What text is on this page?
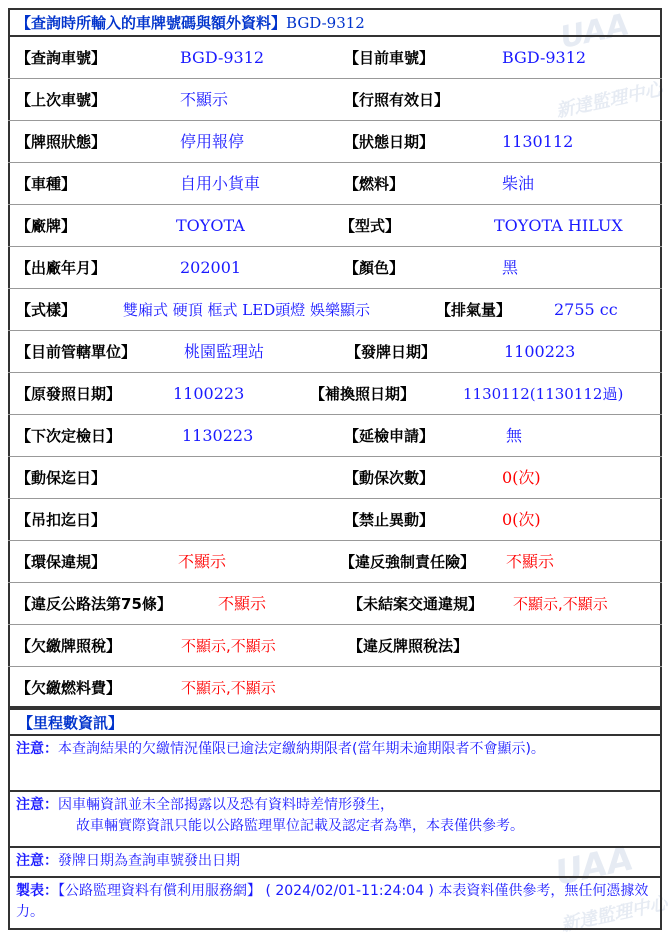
UAA
新達監理中心
UAA
新達監理中心
【查詢時所輸入的車牌號碼與額外資料】 BGD-9312
【查詢車號】	BGD-9312	【目前車號】	BGD-9312
【上次車號】	不顯示	【行照有效日】
【牌照狀態】	停用報停	【狀態日期】	1130112
【車種】	自用小貨車	【燃料】	柴油
【廠牌】	TOYOTA	【型式】	TOYOTA HILUX
【出廠年月】	202001	【顏色】	黑
【式樣】	雙廂式 硬頂 框式 LED頭燈 娛樂顯示	【排氣量】	2755 cc
【目前管轄單位】	桃園監理站	【發牌日期】	1100223
【原發照日期】	1100223	【補換照日期】	1130112(1130112過)
【下次定檢日】	1130223	【延檢申請】	無
【動保迄日】	【動保次數】	0(次)
【吊扣迄日】	【禁止異動】	0(次)
【環保違規】	不顯示	【違反強制責任險】 不顯示
【違反公路法第75條】	不顯示	【未結案交通違規】 不顯示,不顯示
【欠繳牌照稅】	不顯示,不顯示	【違反牌照稅法】
【欠繳燃料費】	不顯示,不顯示
【里程數資訊】
注意：本查詢結果的欠繳情況僅限已逾法定繳納期限者(當年期未逾期限者不會顯示)。
注意：因車輛資訊並未全部揭露以及恐有資料時差情形發生，
故車輛實際資訊只能以公路監理單位記載及認定者為準，本表僅供參考。
注意：發牌日期為查詢車號發出日期
製表：【公路監理資料有償利用服務網】 ( 2024/02/01-11:24:04 ) 本表資料僅供參考，無任何憑據效力。
